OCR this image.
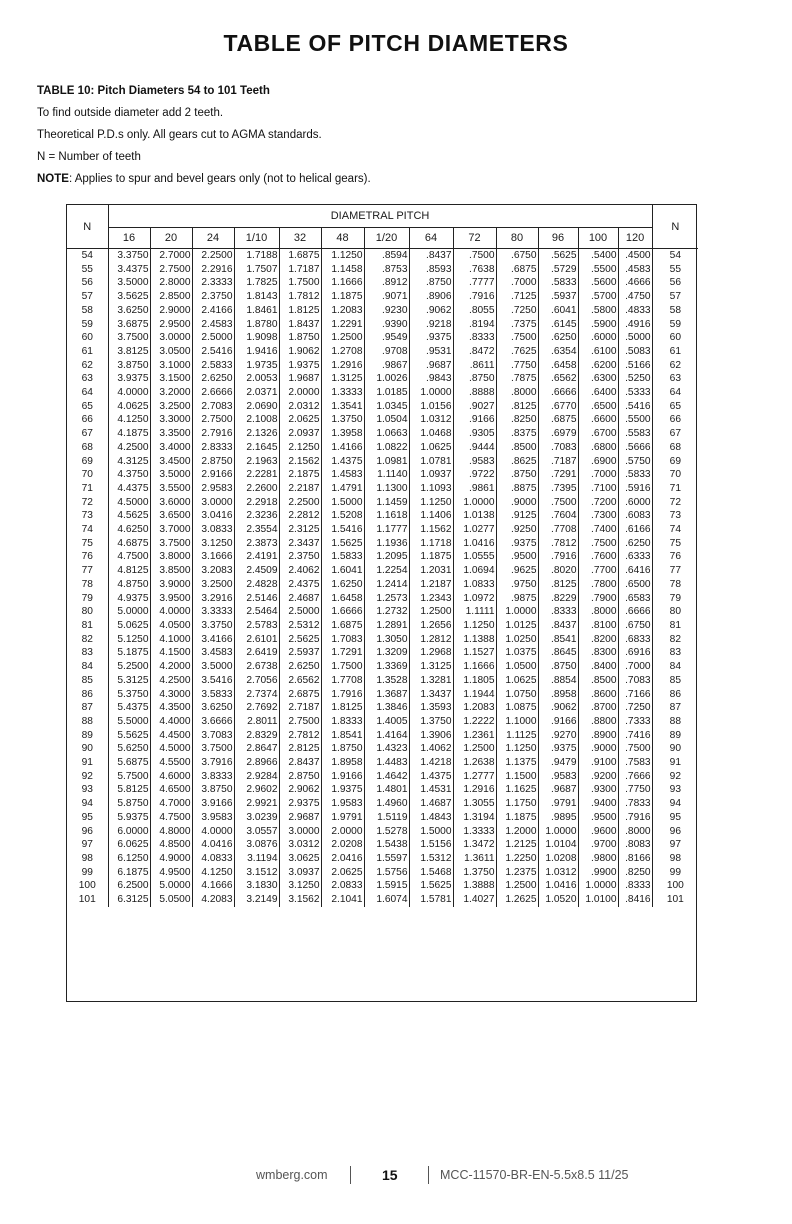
TABLE OF PITCH DIAMETERS
TABLE 10: Pitch Diameters 54 to 101 Teeth
To find outside diameter add 2 teeth.
Theoretical P.D.s only. All gears cut to AGMA standards.
N = Number of teeth
NOTE: Applies to spur and bevel gears only (not to helical gears).
N	DIAMETRAL PITCH													N
	16	20	24	1/10	32	48	1/20	64	72	80	96	100	120	
54	3.3750	2.7000	2.2500	1.7188	1.6875	1.1250	.8594	.8437	.7500	.6750	.5625	.5400	.4500	54
55	3.4375	2.7500	2.2916	1.7507	1.7187	1.1458	.8753	.8593	.7638	.6875	.5729	.5500	.4583	55
56	3.5000	2.8000	2.3333	1.7825	1.7500	1.1666	.8912	.8750	.7777	.7000	.5833	.5600	.4666	56
57	3.5625	2.8500	2.3750	1.8143	1.7812	1.1875	.9071	.8906	.7916	.7125	.5937	.5700	.4750	57
58	3.6250	2.9000	2.4166	1.8461	1.8125	1.2083	.9230	.9062	.8055	.7250	.6041	.5800	.4833	58
59	3.6875	2.9500	2.4583	1.8780	1.8437	1.2291	.9390	.9218	.8194	.7375	.6145	.5900	.4916	59
60	3.7500	3.0000	2.5000	1.9098	1.8750	1.2500	.9549	.9375	.8333	.7500	.6250	.6000	.5000	60
61	3.8125	3.0500	2.5416	1.9416	1.9062	1.2708	.9708	.9531	.8472	.7625	.6354	.6100	.5083	61
62	3.8750	3.1000	2.5833	1.9735	1.9375	1.2916	.9867	.9687	.8611	.7750	.6458	.6200	.5166	62
63	3.9375	3.1500	2.6250	2.0053	1.9687	1.3125	1.0026	.9843	.8750	.7875	.6562	.6300	.5250	63
64	4.0000	3.2000	2.6666	2.0371	2.0000	1.3333	1.0185	1.0000	.8888	.8000	.6666	.6400	.5333	64
65	4.0625	3.2500	2.7083	2.0690	2.0312	1.3541	1.0345	1.0156	.9027	.8125	.6770	.6500	.5416	65
66	4.1250	3.3000	2.7500	2.1008	2.0625	1.3750	1.0504	1.0312	.9166	.8250	.6875	.6600	.5500	66
67	4.1875	3.3500	2.7916	2.1326	2.0937	1.3958	1.0663	1.0468	.9305	.8375	.6979	.6700	.5583	67
68	4.2500	3.4000	2.8333	2.1645	2.1250	1.4166	1.0822	1.0625	.9444	.8500	.7083	.6800	.5666	68
69	4.3125	3.4500	2.8750	2.1963	2.1562	1.4375	1.0981	1.0781	.9583	.8625	.7187	.6900	.5750	69
70	4.3750	3.5000	2.9166	2.2281	2.1875	1.4583	1.1140	1.0937	.9722	.8750	.7291	.7000	.5833	70
71	4.4375	3.5500	2.9583	2.2600	2.2187	1.4791	1.1300	1.1093	.9861	.8875	.7395	.7100	.5916	71
72	4.5000	3.6000	3.0000	2.2918	2.2500	1.5000	1.1459	1.1250	1.0000	.9000	.7500	.7200	.6000	72
73	4.5625	3.6500	3.0416	2.3236	2.2812	1.5208	1.1618	1.1406	1.0138	.9125	.7604	.7300	.6083	73
74	4.6250	3.7000	3.0833	2.3554	2.3125	1.5416	1.1777	1.1562	1.0277	.9250	.7708	.7400	.6166	74
75	4.6875	3.7500	3.1250	2.3873	2.3437	1.5625	1.1936	1.1718	1.0416	.9375	.7812	.7500	.6250	75
76	4.7500	3.8000	3.1666	2.4191	2.3750	1.5833	1.2095	1.1875	1.0555	.9500	.7916	.7600	.6333	76
77	4.8125	3.8500	3.2083	2.4509	2.4062	1.6041	1.2254	1.2031	1.0694	.9625	.8020	.7700	.6416	77
78	4.8750	3.9000	3.2500	2.4828	2.4375	1.6250	1.2414	1.2187	1.0833	.9750	.8125	.7800	.6500	78
79	4.9375	3.9500	3.2916	2.5146	2.4687	1.6458	1.2573	1.2343	1.0972	.9875	.8229	.7900	.6583	79
80	5.0000	4.0000	3.3333	2.5464	2.5000	1.6666	1.2732	1.2500	1.1111	1.0000	.8333	.8000	.6666	80
81	5.0625	4.0500	3.3750	2.5783	2.5312	1.6875	1.2891	1.2656	1.1250	1.0125	.8437	.8100	.6750	81
82	5.1250	4.1000	3.4166	2.6101	2.5625	1.7083	1.3050	1.2812	1.1388	1.0250	.8541	.8200	.6833	82
83	5.1875	4.1500	3.4583	2.6419	2.5937	1.7291	1.3209	1.2968	1.1527	1.0375	.8645	.8300	.6916	83
84	5.2500	4.2000	3.5000	2.6738	2.6250	1.7500	1.3369	1.3125	1.1666	1.0500	.8750	.8400	.7000	84
85	5.3125	4.2500	3.5416	2.7056	2.6562	1.7708	1.3528	1.3281	1.1805	1.0625	.8854	.8500	.7083	85
86	5.3750	4.3000	3.5833	2.7374	2.6875	1.7916	1.3687	1.3437	1.1944	1.0750	.8958	.8600	.7166	86
87	5.4375	4.3500	3.6250	2.7692	2.7187	1.8125	1.3846	1.3593	1.2083	1.0875	.9062	.8700	.7250	87
88	5.5000	4.4000	3.6666	2.8011	2.7500	1.8333	1.4005	1.3750	1.2222	1.1000	.9166	.8800	.7333	88
89	5.5625	4.4500	3.7083	2.8329	2.7812	1.8541	1.4164	1.3906	1.2361	1.1125	.9270	.8900	.7416	89
90	5.6250	4.5000	3.7500	2.8647	2.8125	1.8750	1.4323	1.4062	1.2500	1.1250	.9375	.9000	.7500	90
91	5.6875	4.5500	3.7916	2.8966	2.8437	1.8958	1.4483	1.4218	1.2638	1.1375	.9479	.9100	.7583	91
92	5.7500	4.6000	3.8333	2.9284	2.8750	1.9166	1.4642	1.4375	1.2777	1.1500	.9583	.9200	.7666	92
93	5.8125	4.6500	3.8750	2.9602	2.9062	1.9375	1.4801	1.4531	1.2916	1.1625	.9687	.9300	.7750	93
94	5.8750	4.7000	3.9166	2.9921	2.9375	1.9583	1.4960	1.4687	1.3055	1.1750	.9791	.9400	.7833	94
95	5.9375	4.7500	3.9583	3.0239	2.9687	1.9791	1.5119	1.4843	1.3194	1.1875	.9895	.9500	.7916	95
96	6.0000	4.8000	4.0000	3.0557	3.0000	2.0000	1.5278	1.5000	1.3333	1.2000	1.0000	.9600	.8000	96
97	6.0625	4.8500	4.0416	3.0876	3.0312	2.0208	1.5438	1.5156	1.3472	1.2125	1.0104	.9700	.8083	97
98	6.1250	4.9000	4.0833	3.1194	3.0625	2.0416	1.5597	1.5312	1.3611	1.2250	1.0208	.9800	.8166	98
99	6.1875	4.9500	4.1250	3.1512	3.0937	2.0625	1.5756	1.5468	1.3750	1.2375	1.0312	.9900	.8250	99
100	6.2500	5.0000	4.1666	3.1830	3.1250	2.0833	1.5915	1.5625	1.3888	1.2500	1.0416	1.0000	.8333	100
101	6.3125	5.0500	4.2083	3.2149	3.1562	2.1041	1.6074	1.5781	1.4027	1.2625	1.0520	1.0100	.8416	101
wmberg.com	15	MCC-11570-BR-EN-5.5x8.5 11/25
